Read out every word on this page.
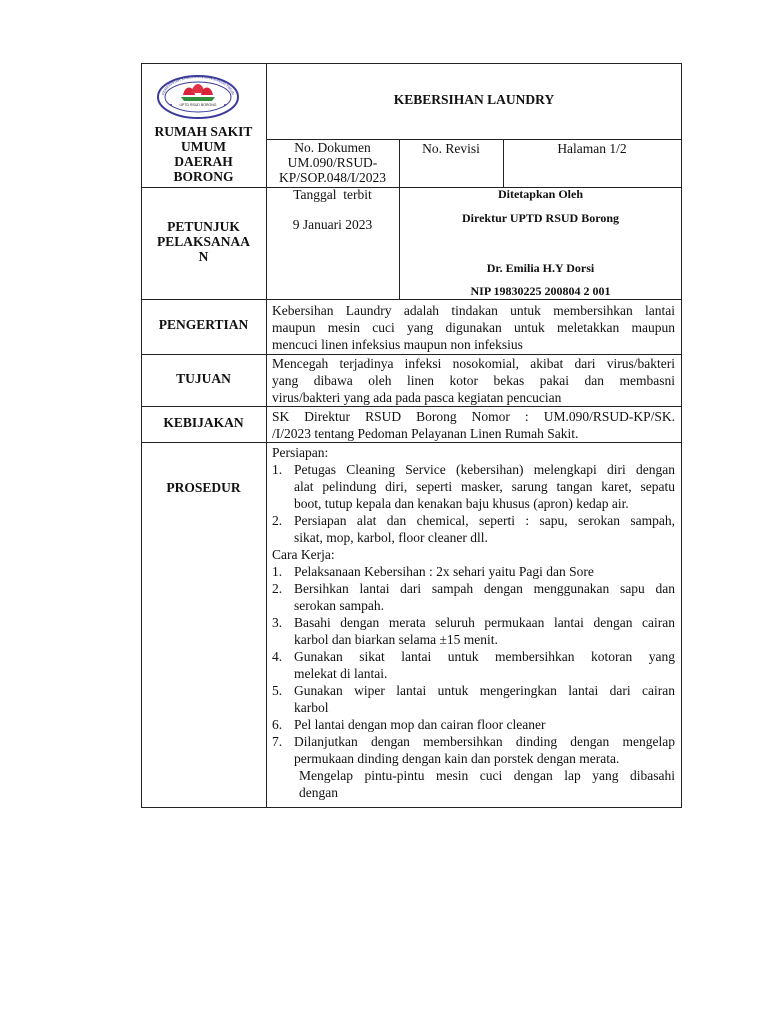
UPTD RSUD BORONG
PEMERINTAH KABUPATEN MANGGARAI TIMUR
RUMAH SAKIT
UMUM
DAERAH
BORONG
KEBERSIHAN LAUNDRY
No. Dokumen
UM.090/RSUD-
KP/SOP.048/I/2023
No. Revisi	Halaman 1/2
PETUNJUK
PELAKSANAA
N
Tanggal  terbit
9 Januari 2023
Ditetapkan Oleh
Direktur UPTD RSUD Borong
Dr. Emilia H.Y Dorsi
NIP 19830225 200804 2 001
PENGERTIAN
Kebersihan Laundry adalah tindakan untuk membersihkan lantai
maupun mesin cuci yang digunakan untuk meletakkan maupun
mencuci linen infeksius maupun non infeksius
TUJUAN
Mencegah terjadinya infeksi nosokomial, akibat dari virus/bakteri
yang dibawa oleh linen kotor bekas pakai dan membasni
virus/bakteri yang ada pada pasca kegiatan pencucian
KEBIJAKAN	SK Direktur RSUD Borong Nomor : UM.090/RSUD-KP/SK.
/I/2023 tentang Pedoman Pelayanan Linen Rumah Sakit.
PROSEDUR
Persiapan:
1. Petugas Cleaning Service (kebersihan) melengkapi diri dengan
alat pelindung diri, seperti masker, sarung tangan karet, sepatu
boot, tutup kepala dan kenakan baju khusus (apron) kedap air.
2. Persiapan alat dan chemical, seperti : sapu, serokan sampah,
sikat, mop, karbol, floor cleaner dll.
Cara Kerja:
1. Pelaksanaan Kebersihan : 2x sehari yaitu Pagi dan Sore
2. Bersihkan lantai dari sampah dengan menggunakan sapu dan
serokan sampah.
3. Basahi dengan merata seluruh permukaan lantai dengan cairan
karbol dan biarkan selama ±15 menit.
4. Gunakan sikat lantai untuk membersihkan kotoran yang
melekat di lantai.
5. Gunakan wiper lantai untuk mengeringkan lantai dari cairan
karbol
6. Pel lantai dengan mop dan cairan floor cleaner
7. Dilanjutkan dengan membersihkan dinding dengan mengelap
permukaan dinding dengan kain dan porstek dengan merata.
Mengelap pintu-pintu mesin cuci dengan lap yang dibasahi
dengan
